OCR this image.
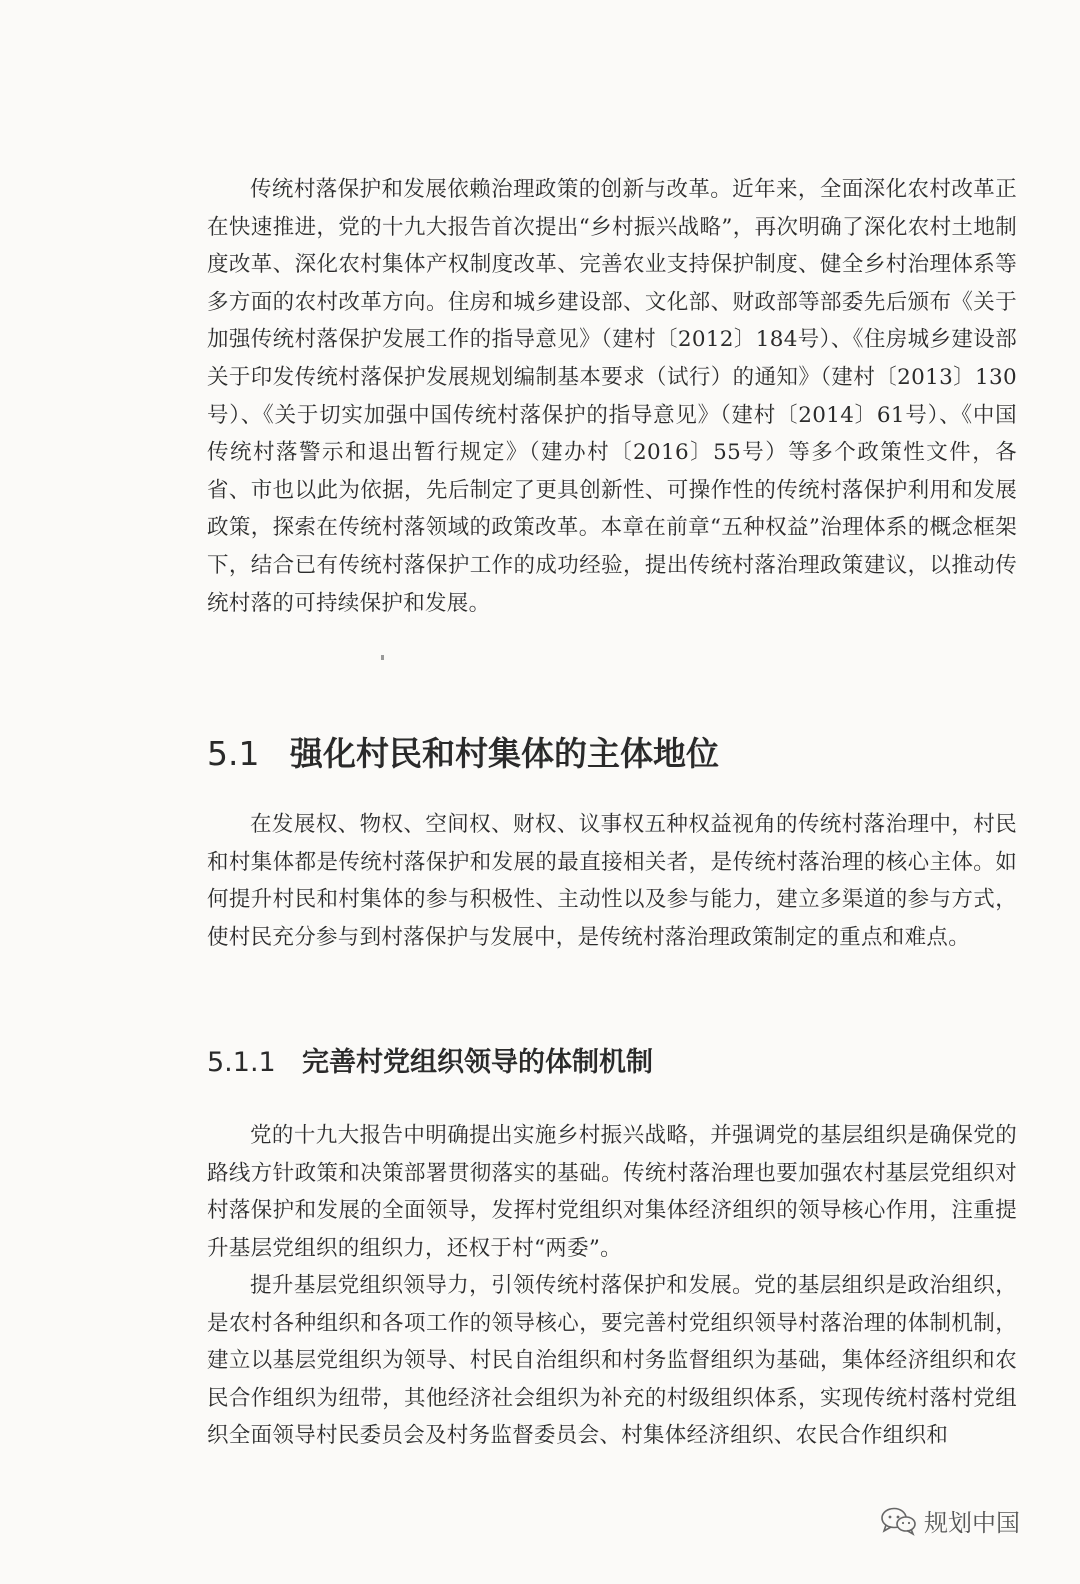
传统村落保护和发展依赖治理政策的创新与改革。近年来，全面深化农村改革正在快速推进，党的十九大报告首次提出“乡村振兴战略”，再次明确了深化农村土地制度改革、深化农村集体产权制度改革、完善农业支持保护制度、健全乡村治理体系等多方面的农村改革方向。住房和城乡建设部、文化部、财政部等部委先后颁布《关于加强传统村落保护发展工作的指导意见》（建村〔2012〕184号）、《住房城乡建设部关于印发传统村落保护发展规划编制基本要求（试行）的通知》（建村〔2013〕130号）、《关于切实加强中国传统村落保护的指导意见》（建村〔2014〕61号）、《中国传统村落警示和退出暂行规定》（建办村〔2016〕55号）等多个政策性文件，各省、市也以此为依据，先后制定了更具创新性、可操作性的传统村落保护利用和发展政策，探索在传统村落领域的政策改革。本章在前章“五种权益”治理体系的概念框架下，结合已有传统村落保护工作的成功经验，提出传统村落治理政策建议，以推动传统村落的可持续保护和发展。

5.1 强化村民和村集体的主体地位

在发展权、物权、空间权、财权、议事权五种权益视角的传统村落治理中，村民和村集体都是传统村落保护和发展的最直接相关者，是传统村落治理的核心主体。如何提升村民和村集体的参与积极性、主动性以及参与能力，建立多渠道的参与方式，使村民充分参与到村落保护与发展中，是传统村落治理政策制定的重点和难点。

5.1.1 完善村党组织领导的体制机制

党的十九大报告中明确提出实施乡村振兴战略，并强调党的基层组织是确保党的路线方针政策和决策部署贯彻落实的基础。传统村落治理也要加强农村基层党组织对村落保护和发展的全面领导，发挥村党组织对集体经济组织的领导核心作用，注重提升基层党组织的组织力，还权于村“两委”。

提升基层党组织领导力，引领传统村落保护和发展。党的基层组织是政治组织，是农村各种组织和各项工作的领导核心，要完善村党组织领导村落治理的体制机制，建立以基层党组织为领导、村民自治组织和村务监督组织为基础，集体经济组织和农民合作组织为纽带，其他经济社会组织为补充的村级组织体系，实现传统村落村党组织全面领导村民委员会及村务监督委员会、村集体经济组织、农民合作组织和

规划中国
